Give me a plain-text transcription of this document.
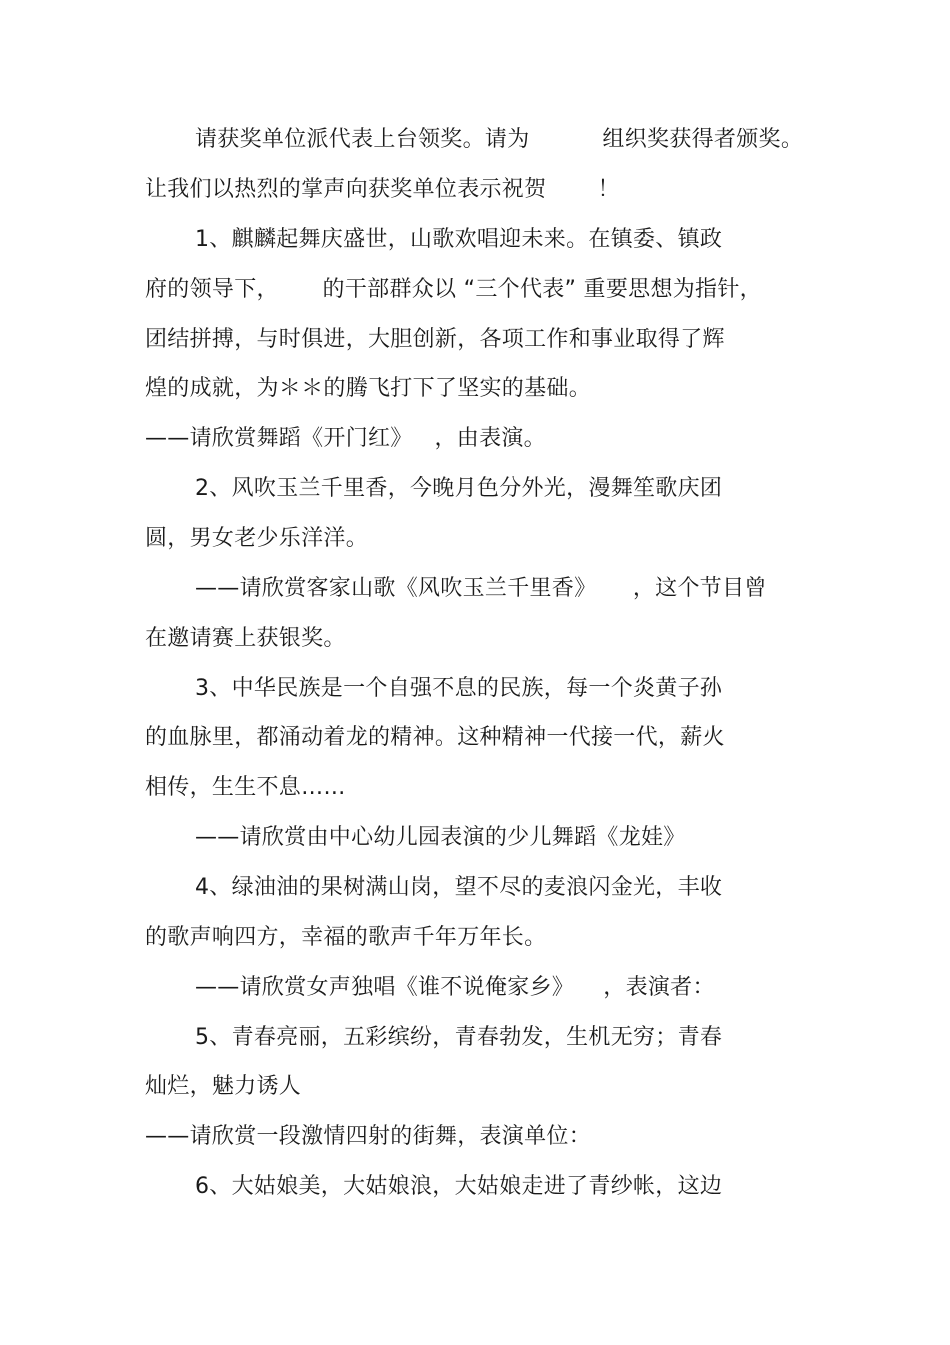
请获奖单位派代表上台领奖。请为          组织奖获得者颁奖。

让我们以热烈的掌声向获奖单位表示祝贺       ！

1、麒麟起舞庆盛世，山歌欢唱迎未来。在镇委、镇政

府的领导下，      的干部群众以 “三个代表” 重要思想为指针，

团结拼搏，与时俱进，大胆创新，各项工作和事业取得了辉

煌的成就，为＊＊的腾飞打下了坚实的基础。

——请欣赏舞蹈《开门红》   ，由表演。

2、风吹玉兰千里香，今晚月色分外光，漫舞笙歌庆团

圆，男女老少乐洋洋。

——请欣赏客家山歌《风吹玉兰千里香》     ，这个节目曾

在邀请赛上获银奖。

3、中华民族是一个自强不息的民族，每一个炎黄子孙

的血脉里，都涌动着龙的精神。这种精神一代接一代，薪火

相传，生生不息……

——请欣赏由中心幼儿园表演的少儿舞蹈《龙娃》

4、绿油油的果树满山岗，望不尽的麦浪闪金光，丰收

的歌声响四方，幸福的歌声千年万年长。

——请欣赏女声独唱《谁不说俺家乡》    ，表演者：

5、青春亮丽，五彩缤纷，青春勃发，生机无穷；青春

灿烂，魅力诱人

——请欣赏一段激情四射的街舞，表演单位：

6、大姑娘美，大姑娘浪，大姑娘走进了青纱帐，这边
